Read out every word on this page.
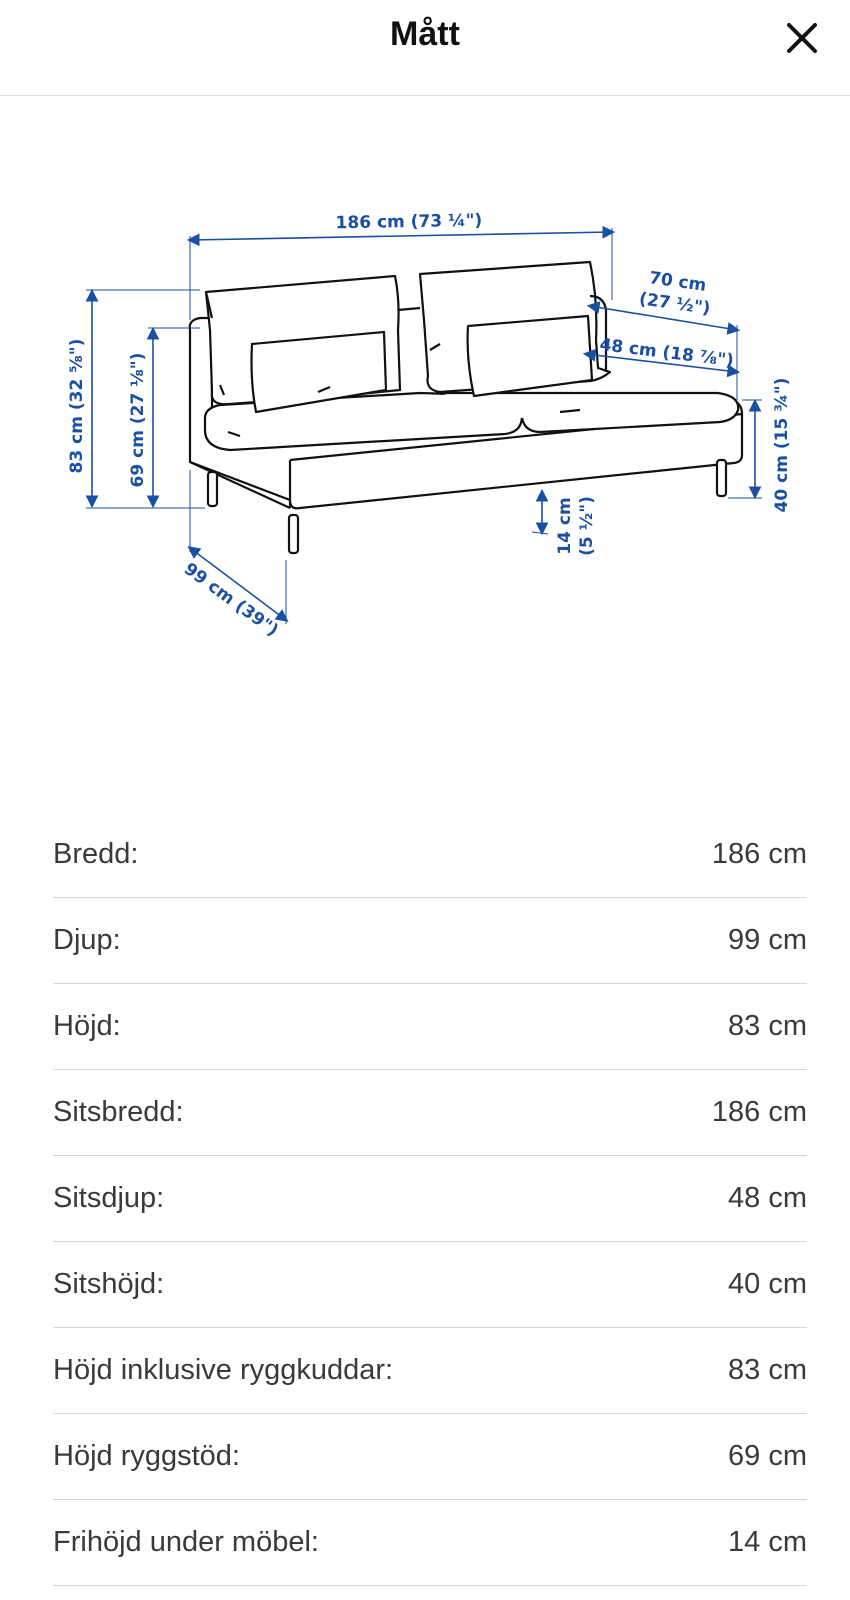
Mått
186 cm (73 ¼")
70 cm
(27 ½")
48 cm (18 ⅞")
83 cm (32 ⅝") 69 cm (27 ⅛")	40 cm (15 ¾")
14 cm (5 ½")
99 cm (39")
Bredd:	186 cm
Djup:	99 cm
Höjd:	83 cm
Sitsbredd:	186 cm
Sitsdjup:	48 cm
Sitshöjd:	40 cm
Höjd inklusive ryggkuddar:	83 cm
Höjd ryggstöd:	69 cm
Frihöjd under möbel:	14 cm
